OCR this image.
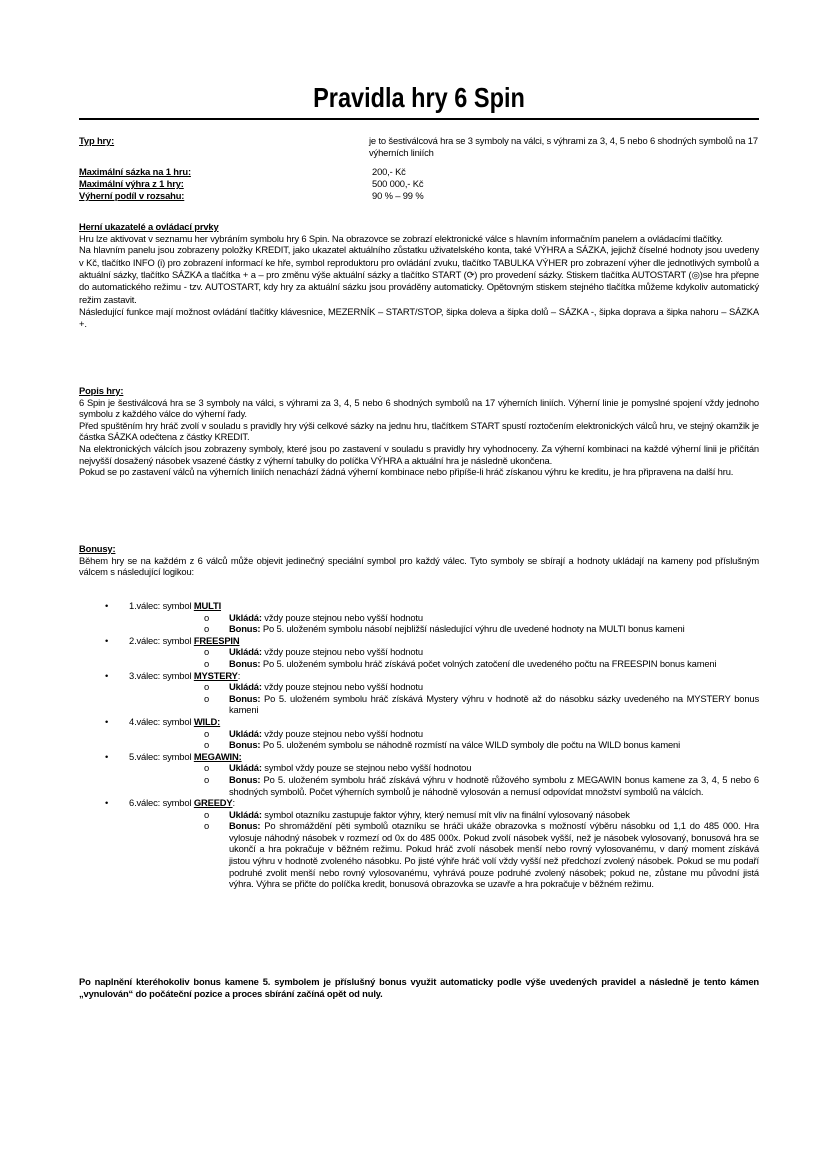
Pravidla hry 6 Spin
Typ hry:	je to šestiválcová hra se 3 symboly na válci, s výhrami za 3, 4, 5 nebo 6 shodných symbolů na 17 výherních liniích
Maximální sázka na 1 hru:	200,- Kč
Maximální výhra z 1 hry:	500 000,- Kč
Výherní podíl v rozsahu:	90 % – 99 %
Herní ukazatelé a ovládací prvky

Hru lze aktivovat v seznamu her vybráním symbolu hry 6 Spin. Na obrazovce se zobrazí elektronické válce s hlavním informačním panelem a ovládacími tlačítky.

Na hlavním panelu jsou zobrazeny položky KREDIT, jako ukazatel aktuálního zůstatku uživatelského konta, také VÝHRA a SÁZKA, jejichž číselné hodnoty jsou uvedeny v Kč, tlačítko INFO (i) pro zobrazení informací ke hře, symbol reproduktoru pro ovládání zvuku, tlačítko TABULKA VÝHER pro zobrazení výher dle jednotlivých symbolů a aktuální sázky, tlačítko SÁZKA a tlačítka + a – pro změnu výše aktuální sázky a tlačítko START (⟳) pro provedení sázky. Stiskem tlačítka AUTOSTART (◎)se hra přepne do automatického režimu - tzv. AUTOSTART, kdy hry za aktuální sázku jsou prováděny automaticky. Opětovným stiskem stejného tlačítka můžeme kdykoliv automatický režim zastavit.

Následující funkce mají možnost ovládání tlačítky klávesnice, MEZERNÍK – START/STOP, šipka doleva a šipka dolů – SÁZKA -, šipka doprava a šipka nahoru – SÁZKA +.

Popis hry:

6 Spin je šestiválcová hra se 3 symboly na válci, s výhrami za 3, 4, 5 nebo 6 shodných symbolů na 17 výherních liniích. Výherní linie je pomyslné spojení vždy jednoho symbolu z každého válce do výherní řady.

Před spuštěním hry hráč zvolí v souladu s pravidly hry výši celkové sázky na jednu hru, tlačítkem START spustí roztočením elektronických válců hru, ve stejný okamžik je částka SÁZKA odečtena z částky KREDIT.

Na elektronických válcích jsou zobrazeny symboly, které jsou po zastavení v souladu s pravidly hry vyhodnoceny. Za výherní kombinaci na každé výherní linii je přičítán nejvyšší dosažený násobek vsazené částky z výherní tabulky do políčka VÝHRA a aktuální hra je následně ukončena.

Pokud se po zastavení válců na výherních liniích nenachází žádná výherní kombinace nebo připíše-li hráč získanou výhru ke kreditu, je hra připravena na další hru.

Bonusy:

Během hry se na každém z 6 válců může objevit jedinečný speciální symbol pro každý válec. Tyto symboly se sbírají a hodnoty ukládají na kameny pod příslušným válcem s následující logikou:

• 1.válec: symbol MULTI
o Ukládá: vždy pouze stejnou nebo vyšší hodnotu
o Bonus: Po 5. uloženém symbolu násobí nejbližší následující výhru dle uvedené hodnoty na MULTI bonus kameni
• 2.válec: symbol FREESPIN
o Ukládá: vždy pouze stejnou nebo vyšší hodnotu
o Bonus: Po 5. uloženém symbolu hráč získává počet volných zatočení dle uvedeného počtu na FREESPIN bonus kameni
• 3.válec: symbol MYSTERY:
o Ukládá: vždy pouze stejnou nebo vyšší hodnotu
o Bonus: Po 5. uloženém symbolu hráč získává Mystery výhru v hodnotě až do násobku sázky uvedeného na MYSTERY bonus kameni
• 4.válec: symbol WILD:
o Ukládá: vždy pouze stejnou nebo vyšší hodnotu
o Bonus: Po 5. uloženém symbolu se náhodně rozmístí na válce WILD symboly dle počtu na WILD bonus kameni
• 5.válec: symbol MEGAWIN:
o Ukládá: symbol vždy pouze se stejnou nebo vyšší hodnotou
o Bonus: Po 5. uloženém symbolu hráč získává výhru v hodnotě růžového symbolu z MEGAWIN bonus kamene za 3, 4, 5 nebo 6 shodných symbolů. Počet výherních symbolů je náhodně vylosován a nemusí odpovídat množství symbolů na válcích.
• 6.válec: symbol GREEDY:
o Ukládá: symbol otazníku zastupuje faktor výhry, který nemusí mít vliv na finální vylosovaný násobek
o Bonus: Po shromáždění pěti symbolů otazníku se hráči ukáže obrazovka s možností výběru násobku od 1,1 do 485 000. Hra vylosuje náhodný násobek v rozmezí od 0x do 485 000x. Pokud zvolí násobek vyšší, než je násobek vylosovaný, bonusová hra se ukončí a hra pokračuje v běžném režimu. Pokud hráč zvolí násobek menší nebo rovný vylosovanému, v daný moment získává jistou výhru v hodnotě zvoleného násobku. Po jisté výhře hráč volí vždy vyšší než předchozí zvolený násobek. Pokud se mu podaří podruhé zvolit menší nebo rovný vylosovanému, vyhrává pouze podruhé zvolený násobek; pokud ne, zůstane mu původní jistá výhra. Výhra se přičte do políčka kredit, bonusová obrazovka se uzavře a hra pokračuje v běžném režimu.
Po naplnění kteréhokoliv bonus kamene 5. symbolem je příslušný bonus využit automaticky podle výše uvedených pravidel a následně je tento kámen „vynulován“ do počáteční pozice a proces sbírání začíná opět od nuly.
